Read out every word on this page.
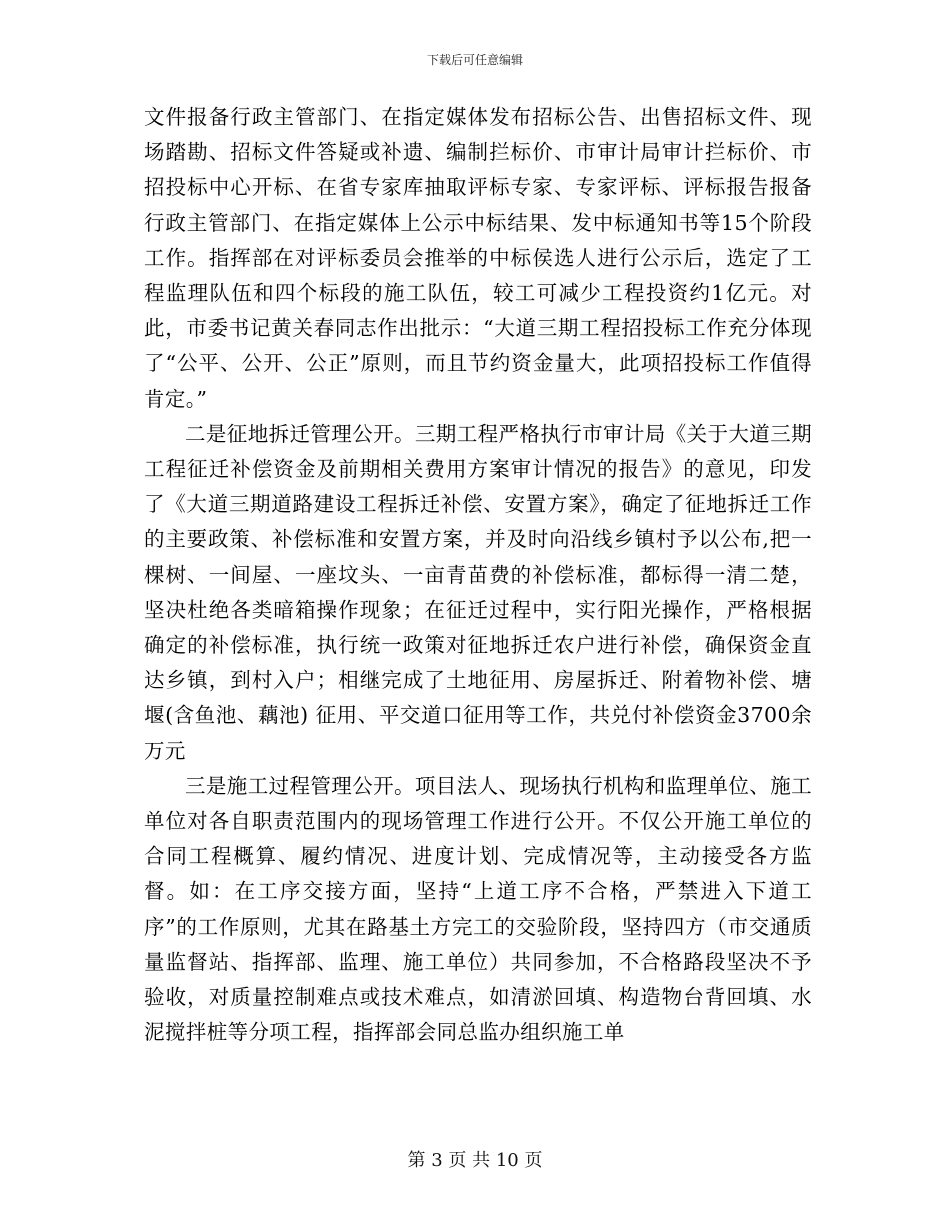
下载后可任意编辑

文件报备行政主管部门、在指定媒体发布招标公告、出售招标文件、现场踏勘、招标文件答疑或补遗、编制拦标价、市审计局审计拦标价、市招投标中心开标、在省专家库抽取评标专家、专家评标、评标报告报备行政主管部门、在指定媒体上公示中标结果、发中标通知书等15个阶段工作。指挥部在对评标委员会推举的中标侯选人进行公示后，选定了工程监理队伍和四个标段的施工队伍，较工可减少工程投资约1亿元。对此，市委书记黄关春同志作出批示：“大道三期工程招投标工作充分体现了“公平、公开、公正”原则，而且节约资金量大，此项招投标工作值得肯定。”

二是征地拆迁管理公开。三期工程严格执行市审计局《关于大道三期工程征迁补偿资金及前期相关费用方案审计情况的报告》的意见，印发了《大道三期道路建设工程拆迁补偿、安置方案》，确定了征地拆迁工作的主要政策、补偿标准和安置方案，并及时向沿线乡镇村予以公布,把一棵树、一间屋、一座坟头、一亩青苗费的补偿标准，都标得一清二楚，坚决杜绝各类暗箱操作现象；在征迁过程中，实行阳光操作，严格根据确定的补偿标准，执行统一政策对征地拆迁农户进行补偿，确保资金直达乡镇，到村入户；相继完成了土地征用、房屋拆迁、附着物补偿、塘堰(含鱼池、藕池) 征用、平交道口征用等工作，共兑付补偿资金3700余万元

三是施工过程管理公开。项目法人、现场执行机构和监理单位、施工单位对各自职责范围内的现场管理工作进行公开。不仅公开施工单位的合同工程概算、履约情况、进度计划、完成情况等，主动接受各方监督。如：在工序交接方面，坚持“上道工序不合格，严禁进入下道工序”的工作原则，尤其在路基土方完工的交验阶段，坚持四方（市交通质量监督站、指挥部、监理、施工单位）共同参加，不合格路段坚决不予验收，对质量控制难点或技术难点，如清淤回填、构造物台背回填、水泥搅拌桩等分项工程，指挥部会同总监办组织施工单

第 3 页 共 10 页
